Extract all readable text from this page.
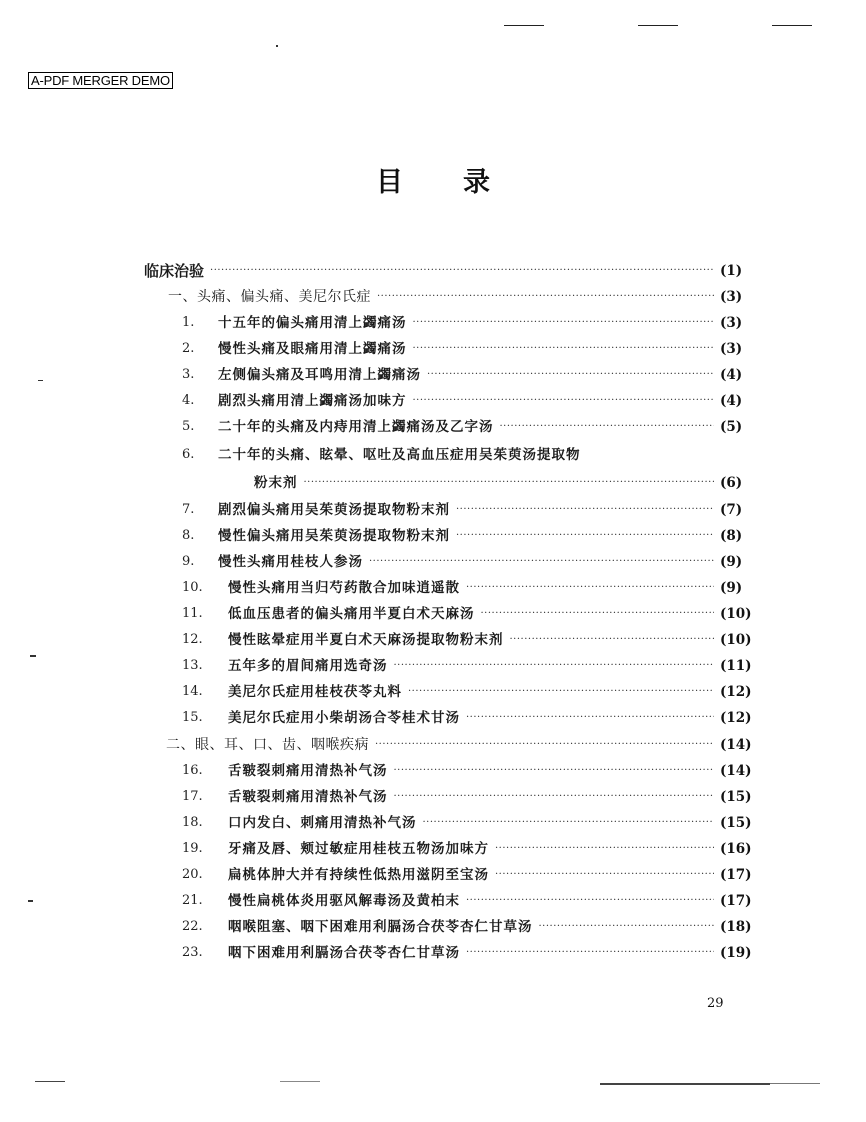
A-PDF MERGER DEMO
目 录
临床治验 ·····	(1)
一、头痛、偏头痛、美尼尔氏症 ·····	(3)
1.	十五年的偏头痛用清上蠲痛汤 ·····	(3)
2.	慢性头痛及眼痛用清上蠲痛汤 ·····	(3)
3.	左侧偏头痛及耳鸣用清上蠲痛汤 ·····	(4)
4.	剧烈头痛用清上蠲痛汤加味方 ·····	(4)
5.	二十年的头痛及内痔用清上蠲痛汤及乙字汤 ·····	(5)
6.	二十年的头痛、眩晕、呕吐及高血压症用吴茱萸汤提取物
粉末剂 ·····	(6)
7.	剧烈偏头痛用吴茱萸汤提取物粉末剂 ·····	(7)
8.	慢性偏头痛用吴茱萸汤提取物粉末剂 ·····	(8)
9.	慢性头痛用桂枝人参汤 ·····	(9)
10.	慢性头痛用当归芍药散合加味逍遥散 ·····	(9)
11.	低血压患者的偏头痛用半夏白术天麻汤 ·····	(10)
12.	慢性眩晕症用半夏白术天麻汤提取物粉末剂 ·····	(10)
13.	五年多的眉间痛用选奇汤 ·····	(11)
14.	美尼尔氏症用桂枝茯苓丸料 ·····	(12)
15.	美尼尔氏症用小柴胡汤合苓桂术甘汤 ·····	(12)
二、眼、耳、口、齿、咽喉疾病 ·····	(14)
16.	舌皲裂刺痛用清热补气汤 ·····	(14)
17.	舌皲裂刺痛用清热补气汤 ·····	(15)
18.	口内发白、刺痛用清热补气汤 ·····	(15)
19.	牙痛及唇、颊过敏症用桂枝五物汤加味方 ·····	(16)
20.	扁桃体肿大并有持续性低热用滋阴至宝汤 ·····	(17)
21.	慢性扁桃体炎用驱风解毒汤及黄柏末 ·····	(17)
22.	咽喉阻塞、咽下困难用利膈汤合茯苓杏仁甘草汤 ·····	(18)
23.	咽下困难用利膈汤合茯苓杏仁甘草汤 ·····	(19)
29
